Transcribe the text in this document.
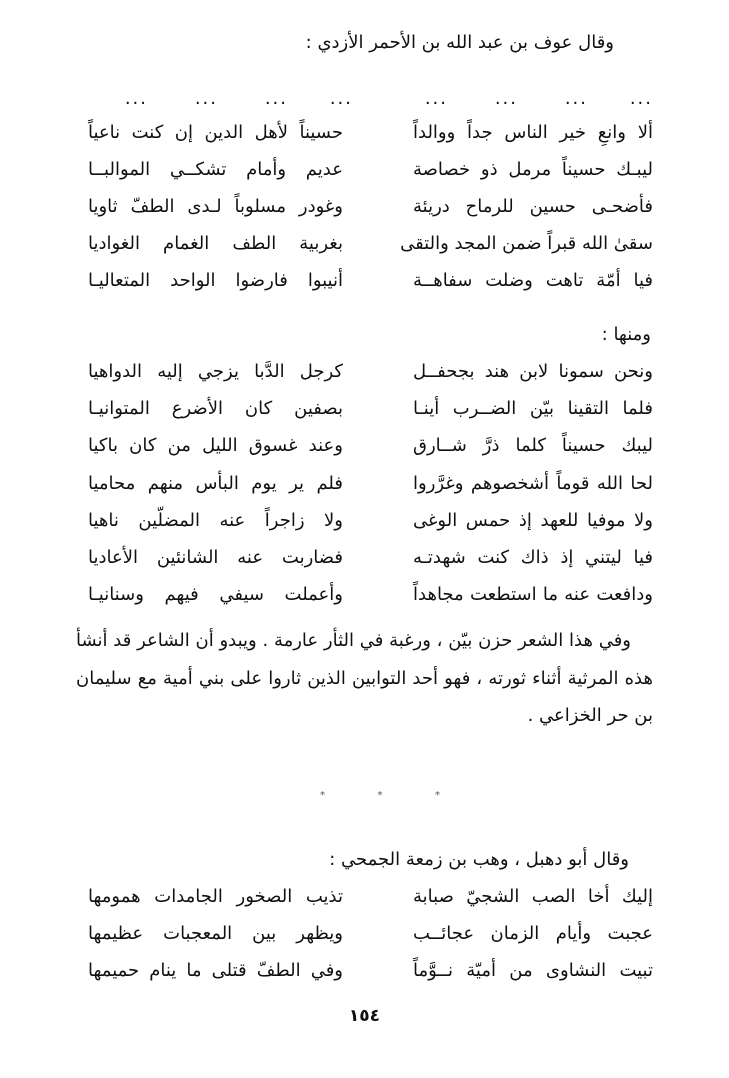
وقال عوف بن عبد الله بن الأحمر الأزدي :
...
...
...
...
...
...
...
...
ألا وانعِ خير الناس جداً ووالداً
حسيناً لأهل الدين إن كنت ناعياً
ليبـك حسيناً مرمل ذو خصاصة
عديم وأمام تشكــي الموالبــا
فأضحـى حسين للرماح دريئة
وغودر مسلوباً لـدى الطفّ ثاويا
سقىٰ الله قبراً ضمن المجد والتقى
بغربية الطف الغمام الغواديا
فيا أمّة تاهت وضلت سفاهــة
أنيبوا فارضوا الواحد المتعاليـا
ومنها :
ونحن سمونا لابن هند بجحفــل
كرجل الدَّبا يزجي إليه الدواهيا
فلما التقينا بيّن الضــرب أينـا
بصفين كان الأضرع المتوانيـا
ليبك حسيناً كلما ذرَّ شــارق
وعند غسوق الليل من كان باكيا
لحا الله قوماً أشخصوهم وغرَّروا
فلم ير يوم البأس منهم محاميا
ولا موفيا للعهد إذ حمس الوغى
ولا زاجراً عنه المضلّين ناهيا
فيا ليتني إذ ذاك كنت شهدتـه
فضاربت عنه الشانئين الأعاديا
ودافعت عنه ما استطعت مجاهداً
وأعملت سيفي فيهم وسنانيـا
وفي هذا الشعر حزن بيّن ، ورغبة في الثأر عارمة . ويبدو أن الشاعر قد أنشأ هذه المرثية أثناء ثورته ، فهو أحد التوابين الذين ثاروا على بني أمية مع سليمان بن حر الخزاعي .
*	*	*
وقال أبو دهبل ، وهب بن زمعة الجمحي :
إليك أخا الصب الشجيّ صبابة
تذيب الصخور الجامدات همومها
عجبت وأيام الزمان عجائــب
ويظهر بين المعجبات عظيمها
تبيت النشاوى من أميّة نــوَّماً
وفي الطفّ قتلى ما ينام حميمها
١٥٤
